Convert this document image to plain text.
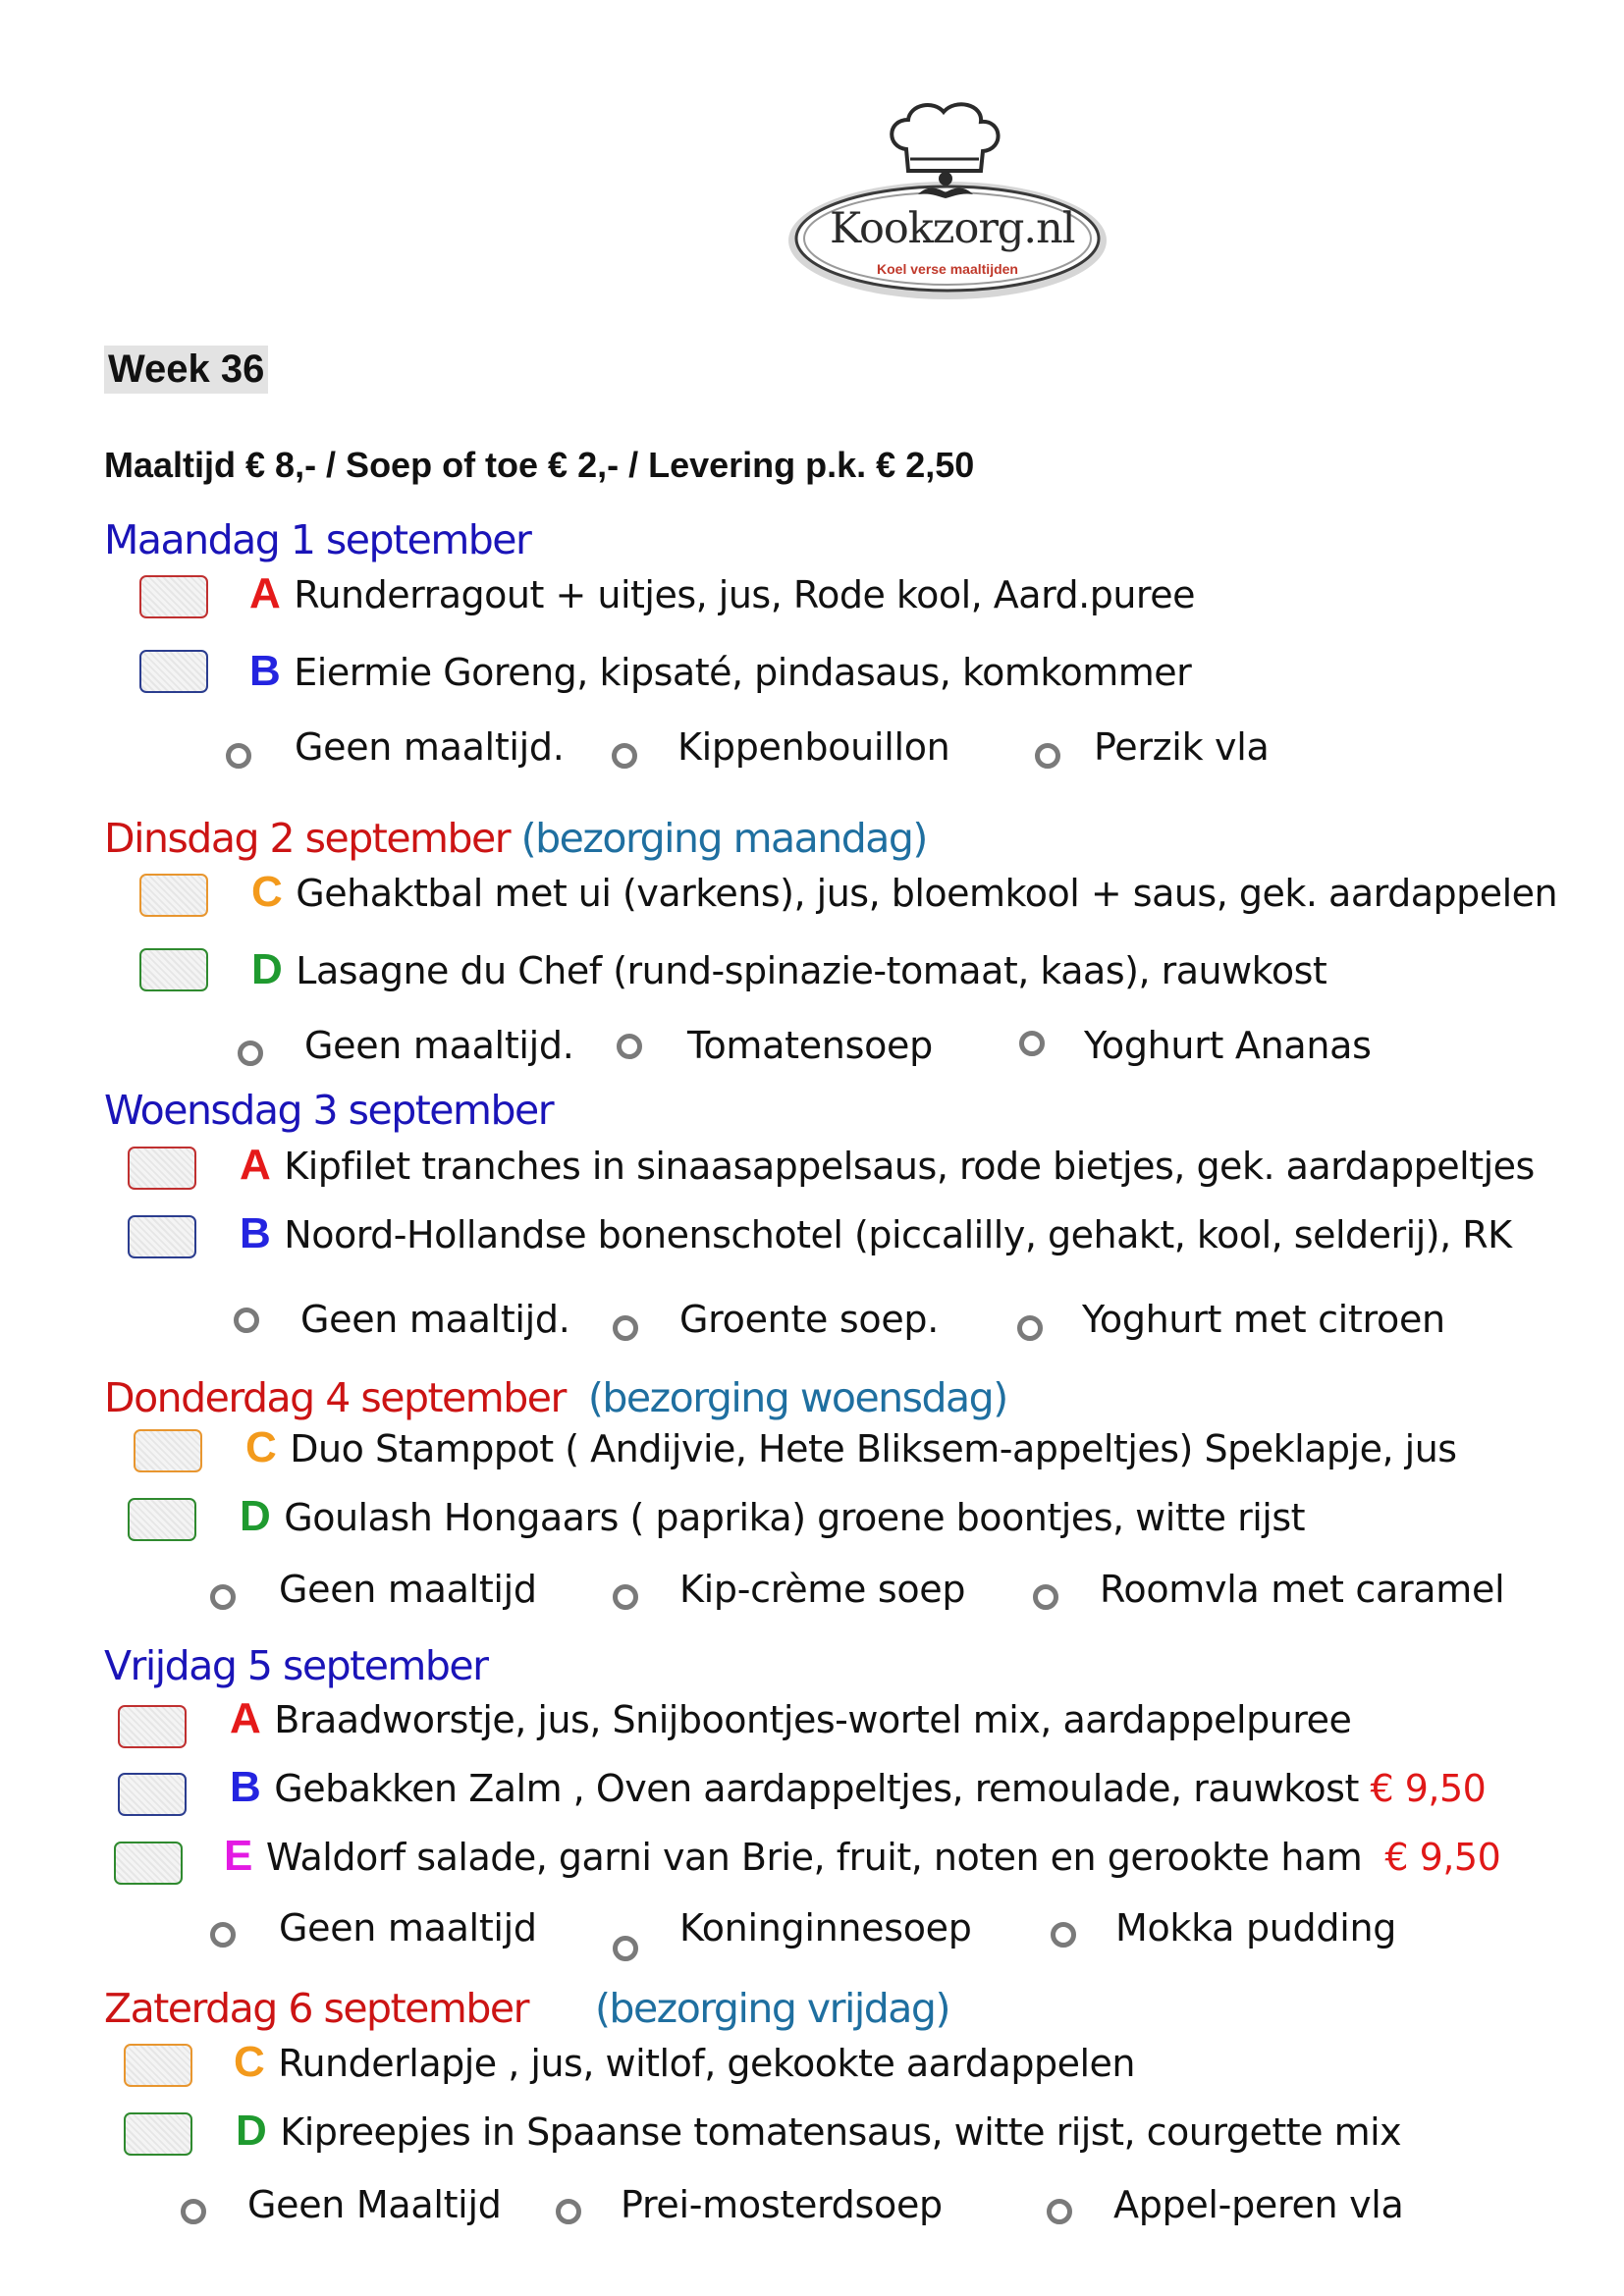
Kookzorg.nl
Koel verse maaltijden
Week 36
Maaltijd € 8,- / Soep of toe € 2,- / Levering p.k. € 2,50
Maandag 1 september
A Runderragout + uitjes, jus, Rode kool, Aard.puree
B Eiermie Goreng, kipsaté, pindasaus, komkommer
Geen maaltijd.	Kippenbouillon	Perzik vla
Dinsdag 2 september (bezorging maandag)
C Gehaktbal met ui (varkens), jus, bloemkool + saus, gek. aardappelen
D Lasagne du Chef (rund-spinazie-tomaat, kaas), rauwkost
Geen maaltijd.	Tomatensoep	Yoghurt Ananas
Woensdag 3 september
A Kipfilet tranches in sinaasappelsaus, rode bietjes, gek. aardappeltjes
B Noord-Hollandse bonenschotel (piccalilly, gehakt, kool, selderij), RK
Geen maaltijd.	Groente soep.	Yoghurt met citroen
Donderdag 4 september (bezorging woensdag)
C Duo Stamppot ( Andijvie, Hete Bliksem-appeltjes) Speklapje, jus
D Goulash Hongaars ( paprika) groene boontjes, witte rijst
Geen maaltijd	Kip-crème soep	Roomvla met caramel
Vrijdag 5 september
A Braadworstje, jus, Snijboontjes-wortel mix, aardappelpuree
B Gebakken Zalm , Oven aardappeltjes, remoulade, rauwkost € 9,50
E Waldorf salade, garni van Brie, fruit, noten en gerookte ham € 9,50
Geen maaltijd	Koninginnesoep	Mokka pudding
Zaterdag 6 september (bezorging vrijdag)
C Runderlapje , jus, witlof, gekookte aardappelen
D Kipreepjes in Spaanse tomatensaus, witte rijst, courgette mix
Geen Maaltijd	Prei-mosterdsoep	Appel-peren vla
